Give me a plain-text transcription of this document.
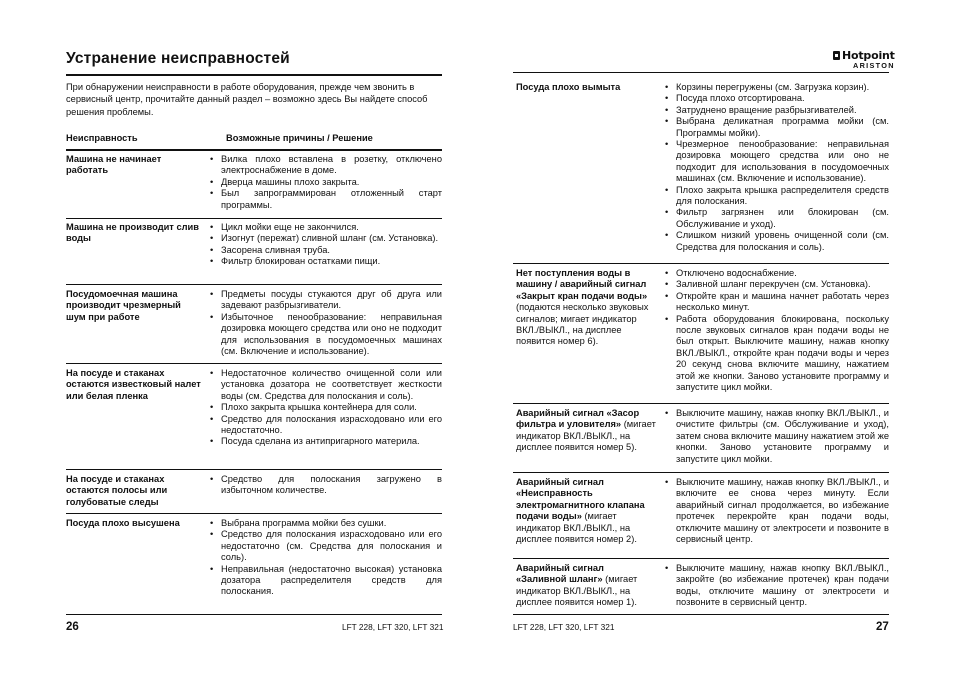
Устранение неисправностей
При обнаружении неисправности в работе оборудования, прежде чем звонить в сервисный центр, прочитайте данный раздел – возможно здесь Вы найдете способ решения проблемы.
Неисправность	Возможные причины / Решение
Машина не начинает работать
• Вилка плохо вставлена в розетку, отключено электроснабжение в доме.
• Дверца машины плохо закрыта.
• Был запрограммирован отложенный старт программы.
Машина не производит слив воды
• Цикл мойки еще не закончился.
• Изогнут (пережат) сливной шланг (см. Установка).
• Засорена сливная труба.
• Фильтр блокирован остатками пищи.
Посудомоечная машина производит чрезмерный шум при работе
• Предметы посуды стукаются друг об друга или задевают разбрызгиватели.
• Избыточное пенообразование: неправильная дозировка моющего средства или оно не подходит для использования в посудомоечных машинах (см. Включение и использование).
На посуде и стаканах остаются известковый налет или белая пленка
• Недостаточное количество очищенной соли или установка дозатора не соответствует жесткости воды (см. Средства для полоскания и соль).
• Плохо закрыта крышка контейнера для соли.
• Средство для полоскания израсходовано или его недостаточно.
• Посуда сделана из антипригарного материла.
На посуде и стаканах остаются полосы или голубоватые следы
• Средство для полоскания загружено в избыточном количестве.
Посуда плохо высушена	• Выбрана программа мойки без сушки.
• Средство для полоскания израсходовано или его недостаточно (см. Средства для полоскания и соль).
• Неправильная (недостаточно высокая) установка дозатора распределителя средств для полоскания.
26	LFT 228, LFT 320, LFT 321
Hotpoint
ARISTON
Посуда плохо вымыта	• Корзины перегружены (см. Загрузка корзин).
• Посуда плохо отсортирована.
• Затруднено вращение разбрызгивателей.
• Выбрана деликатная программа мойки (см. Программы мойки).
• Чрезмерное пенообразование: неправильная дозировка моющего средства или оно не подходит для использования в посудомоечных машинах (см. Включение и использование).
• Плохо закрыта крышка распределителя средств для полоскания.
• Фильтр загрязнен или блокирован (см. Обслуживание и уход).
• Слишком низкий уровень очищенной соли (см. Средства для полоскания и соль).
Нет поступления воды в машину / аварийный сигнал «Закрыт кран подачи воды» (подаются несколько звуковых сигналов; мигает индикатор ВКЛ./ВЫКЛ., на дисплее появится номер 6).
• Отключено водоснабжение.
• Заливной шланг перекручен (см. Установка).
• Откройте кран и машина начнет работать через несколько минут.
• Работа оборудования блокирована, поскольку после звуковых сигналов кран подачи воды не был открыт. Выключите машину, нажав кнопку ВКЛ./ВЫКЛ., откройте кран подачи воды и через 20 секунд снова включите машину, нажатием этой же кнопки. Заново установите программу и запустите цикл мойки.
Аварийный сигнал «Засор фильтра и уловителя» (мигает индикатор ВКЛ./ВЫКЛ., на дисплее появится номер 5).
• Выключите машину, нажав кнопку ВКЛ./ВЫКЛ., и очистите фильтры (см. Обслуживание и уход), затем снова включите машину нажатием этой же кнопки. Заново установите программу и запустите цикл мойки.
Аварийный сигнал «Неисправность электромагнитного клапана подачи воды» (мигает индикатор ВКЛ./ВЫКЛ., на дисплее появится номер 2).
• Выключите машину, нажав кнопку ВКЛ./ВЫКЛ., и включите ее снова через минуту. Если аварийный сигнал продолжается, во избежание протечек перекройте кран подачи воды, отключите машину от электросети и позвоните в сервисный центр.
Аварийный сигнал «Заливной шланг» (мигает индикатор ВКЛ./ВЫКЛ., на дисплее появится номер 1).
• Выключите машину, нажав кнопку ВКЛ./ВЫКЛ., закройте (во избежание протечек) кран подачи воды, отключите машину от электросети и позвоните в сервисный центр.
LFT 228, LFT 320, LFT 321	27
